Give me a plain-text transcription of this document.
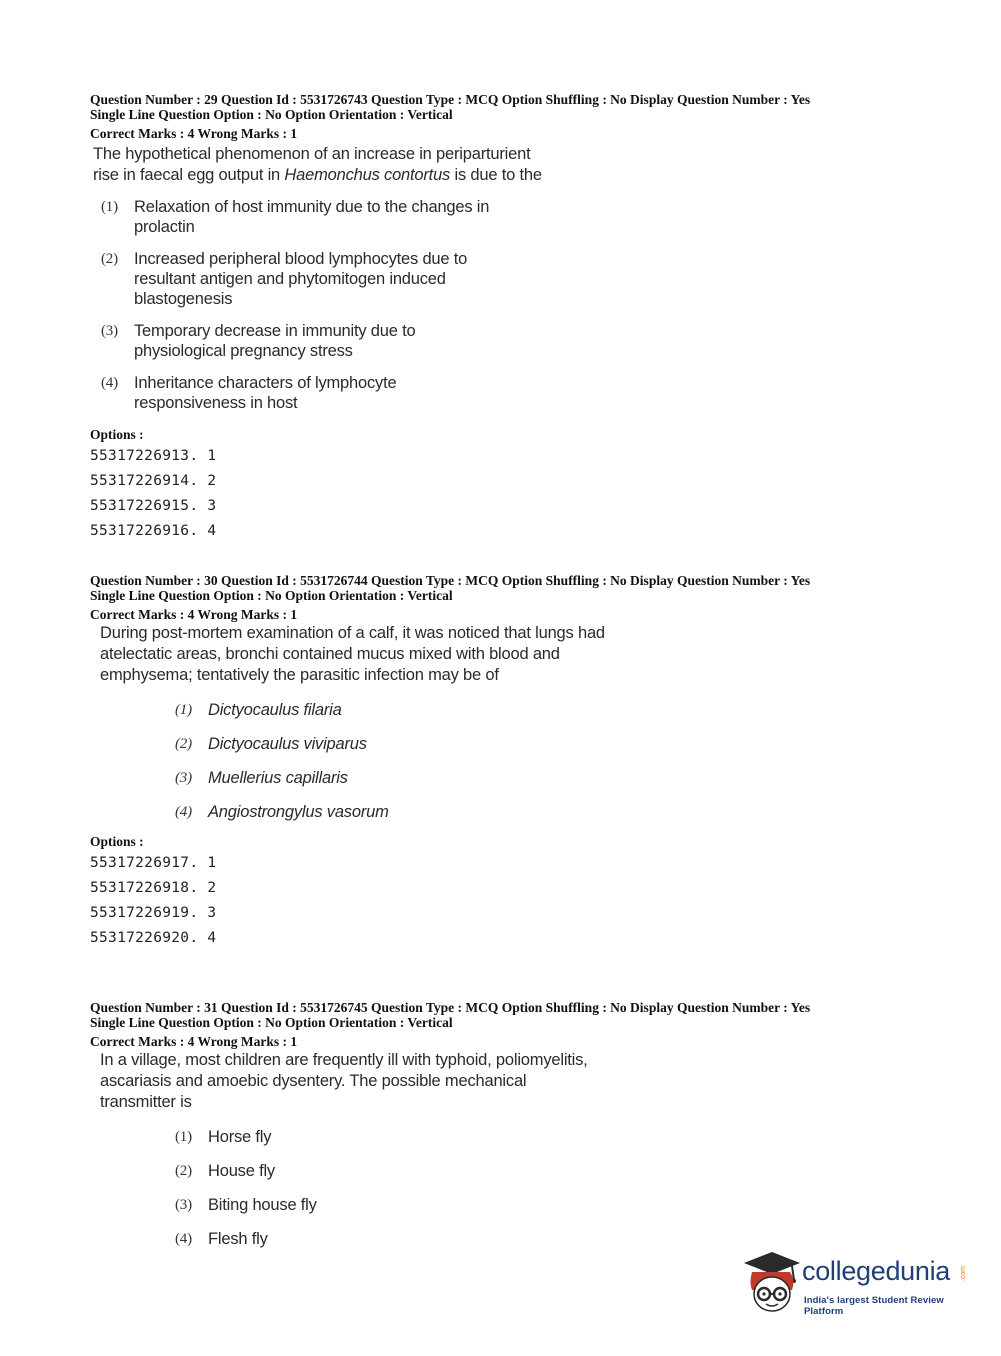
Question Number : 29 Question Id : 5531726743 Question Type : MCQ Option Shuffling : No Display Question Number : Yes
Single Line Question Option : No Option Orientation : Vertical
Correct Marks : 4 Wrong Marks : 1
The hypothetical phenomenon of an increase in periparturient
rise in faecal egg output in Haemonchus contortus is due to the
(1) Relaxation of host immunity due to the changes in prolactin
(2) Increased peripheral blood lymphocytes due to resultant antigen and phytomitogen induced blastogenesis
(3) Temporary decrease in immunity due to physiological pregnancy stress
(4) Inheritance characters of lymphocyte responsiveness in host
Options :
55317226913. 1
55317226914. 2
55317226915. 3
55317226916. 4
Question Number : 30 Question Id : 5531726744 Question Type : MCQ Option Shuffling : No Display Question Number : Yes
Single Line Question Option : No Option Orientation : Vertical
Correct Marks : 4 Wrong Marks : 1
During post-mortem examination of a calf, it was noticed that lungs had atelectatic areas, bronchi contained mucus mixed with blood and emphysema; tentatively the parasitic infection may be of
(1) Dictyocaulus filaria
(2) Dictyocaulus viviparus
(3) Muellerius capillaris
(4) Angiostrongylus vasorum
Options :
55317226917. 1
55317226918. 2
55317226919. 3
55317226920. 4
Question Number : 31 Question Id : 5531726745 Question Type : MCQ Option Shuffling : No Display Question Number : Yes
Single Line Question Option : No Option Orientation : Vertical
Correct Marks : 4 Wrong Marks : 1
In a village, most children are frequently ill with typhoid, poliomyelitis, ascariasis and amoebic dysentery. The possible mechanical transmitter is
(1) Horse fly
(2) House fly
(3) Biting house fly
(4) Flesh fly
collegedunia .com
India's largest Student Review Platform
